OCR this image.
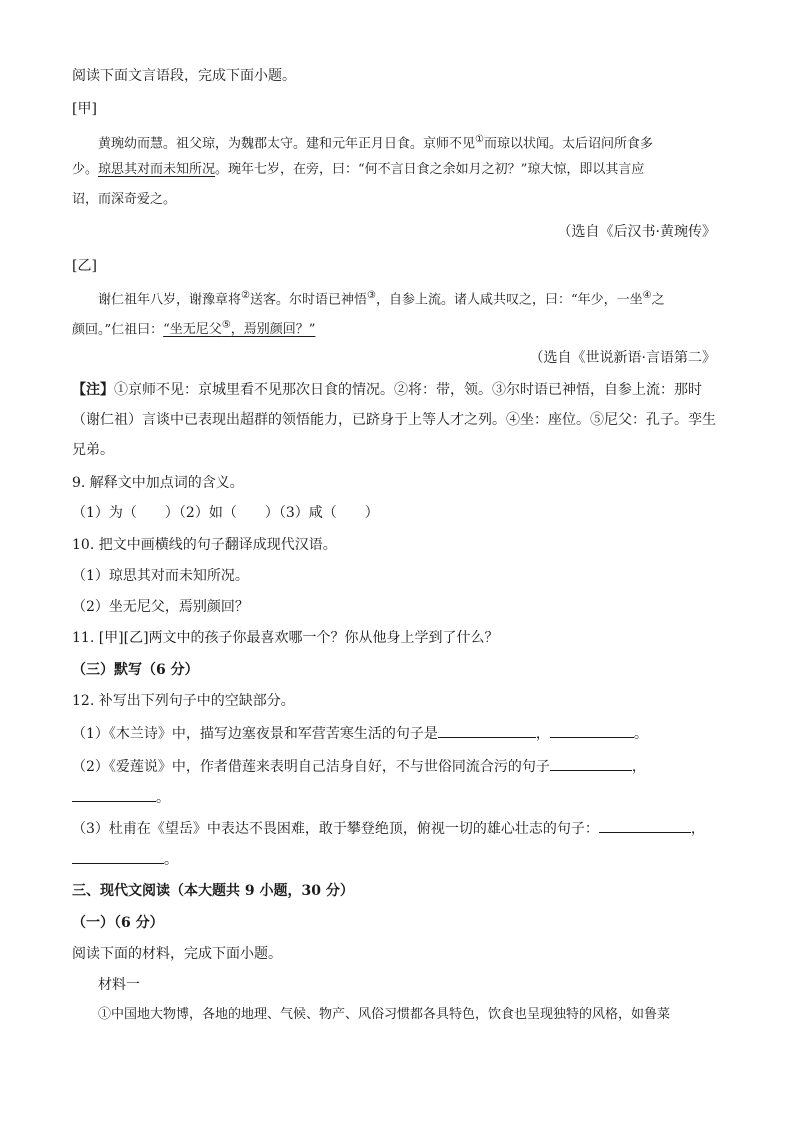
阅读下面文言语段，完成下面小题。
[甲]
黄琬幼而慧。祖父琼，为魏郡太守。建和元年正月日食。京师不见①而琼以状闻。太后诏问所食多
少。琼思其对而未知所况。琬年七岁，在旁，曰：“何不言日食之余如月之初？”琼大惊，即以其言应
诏，而深奇爱之。
（选自《后汉书·黄琬传》
[乙]
谢仁祖年八岁，谢豫章将②送客。尔时语已神悟③，自参上流。诸人咸共叹之，曰：“年少，一坐④之
颜回。”仁祖曰：“坐无尼父⑤，焉别颜回？”
（选自《世说新语·言语第二》
【注】①京师不见：京城里看不见那次日食的情况。②将：带，领。③尔时语已神悟，自参上流：那时
（谢仁祖）言谈中已表现出超群的领悟能力，已跻身于上等人才之列。④坐：座位。⑤尼父：孔子。孪生
兄弟。
9. 解释文中加点词的含义。
（1）为（　　）（2）如（　　）（3）咸（　　）
10. 把文中画横线的句子翻译成现代汉语。
（1）琼思其对而未知所况。
（2）坐无尼父，焉别颜回？
11. [甲][乙]两文中的孩子你最喜欢哪一个？你从他身上学到了什么？
（三）默写（6 分）
12. 补写出下列句子中的空缺部分。
（1）《木兰诗》中，描写边塞夜景和军营苦寒生活的句子是	，	。
（2）《爱莲说》中，作者借莲来表明自己洁身自好，不与世俗同流合污的句子	，
。
（3）杜甫在《望岳》中表达不畏困难，敢于攀登绝顶，俯视一切的雄心壮志的句子：	，
。
三、现代文阅读（本大题共 9 小题，30 分）
（一）（6 分）
阅读下面的材料，完成下面小题。
材料一
①中国地大物博，各地的地理、气候、物产、风俗习惯都各具特色，饮食也呈现独特的风格，如鲁菜
